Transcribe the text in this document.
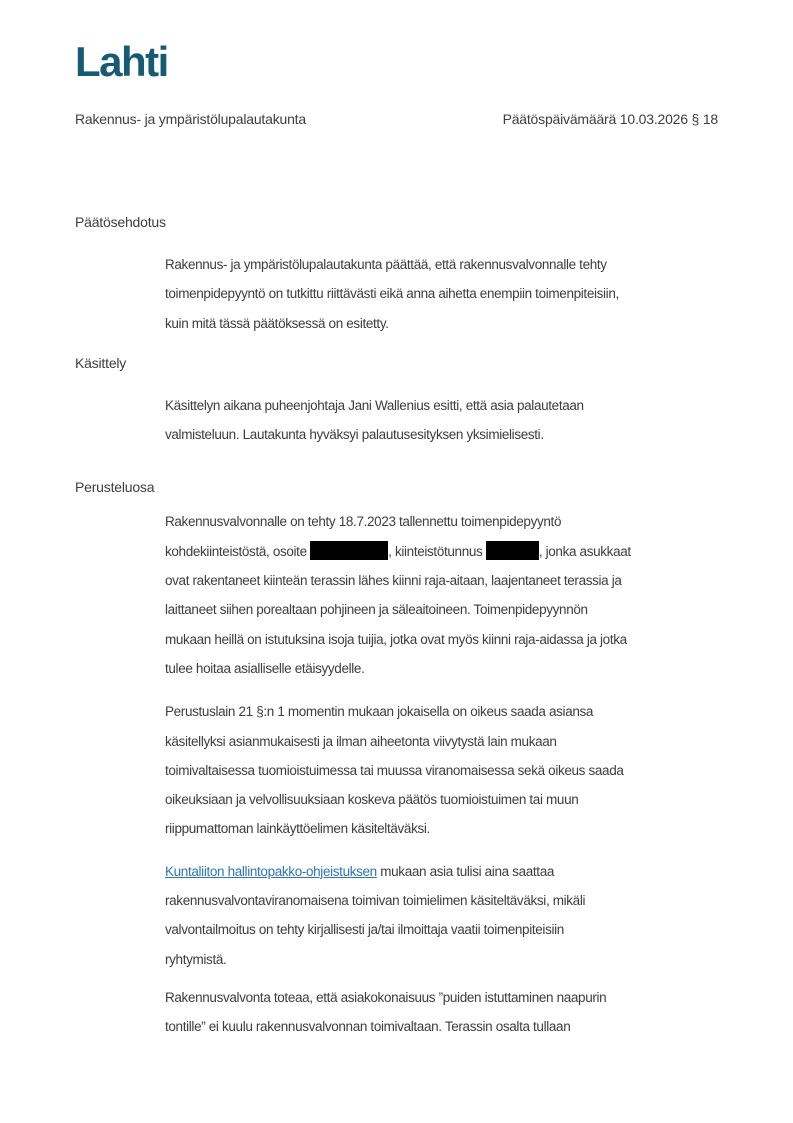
Lahti
Rakennus- ja ympäristölupalautakunta	Päätöspäivämäärä 10.03.2026 § 18
Päätösehdotus
Rakennus- ja ympäristölupalautakunta päättää, että rakennusvalvonnalle tehty
toimenpidepyyntö on tutkittu riittävästi eikä anna aihetta enempiin toimenpiteisiin,
kuin mitä tässä päätöksessä on esitetty.
Käsittely
Käsittelyn aikana puheenjohtaja Jani Wallenius esitti, että asia palautetaan
valmisteluun. Lautakunta hyväksyi palautusesityksen yksimielisesti.
Perusteluosa
Rakennusvalvonnalle on tehty 18.7.2023 tallennettu toimenpidepyyntö
kohdekiinteistöstä, osoite	, kiinteistötunnus	, jonka asukkaat
ovat rakentaneet kiinteän terassin lähes kiinni raja-aitaan, laajentaneet terassia ja
laittaneet siihen porealtaan pohjineen ja säleaitoineen. Toimenpidepyynnön
mukaan heillä on istutuksina isoja tuijia, jotka ovat myös kiinni raja-aidassa ja jotka
tulee hoitaa asialliselle etäisyydelle.
Perustuslain 21 §:n 1 momentin mukaan jokaisella on oikeus saada asiansa
käsitellyksi asianmukaisesti ja ilman aiheetonta viivytystä lain mukaan
toimivaltaisessa tuomioistuimessa tai muussa viranomaisessa sekä oikeus saada
oikeuksiaan ja velvollisuuksiaan koskeva päätös tuomioistuimen tai muun
riippumattoman lainkäyttöelimen käsiteltäväksi.
Kuntaliiton hallintopakko-ohjeistuksen mukaan asia tulisi aina saattaa
rakennusvalvontaviranomaisena toimivan toimielimen käsiteltäväksi, mikäli
valvontailmoitus on tehty kirjallisesti ja/tai ilmoittaja vaatii toimenpiteisiin
ryhtymistä.
Rakennusvalvonta toteaa, että asiakokonaisuus ”puiden istuttaminen naapurin
tontille” ei kuulu rakennusvalvonnan toimivaltaan. Terassin osalta tullaan
